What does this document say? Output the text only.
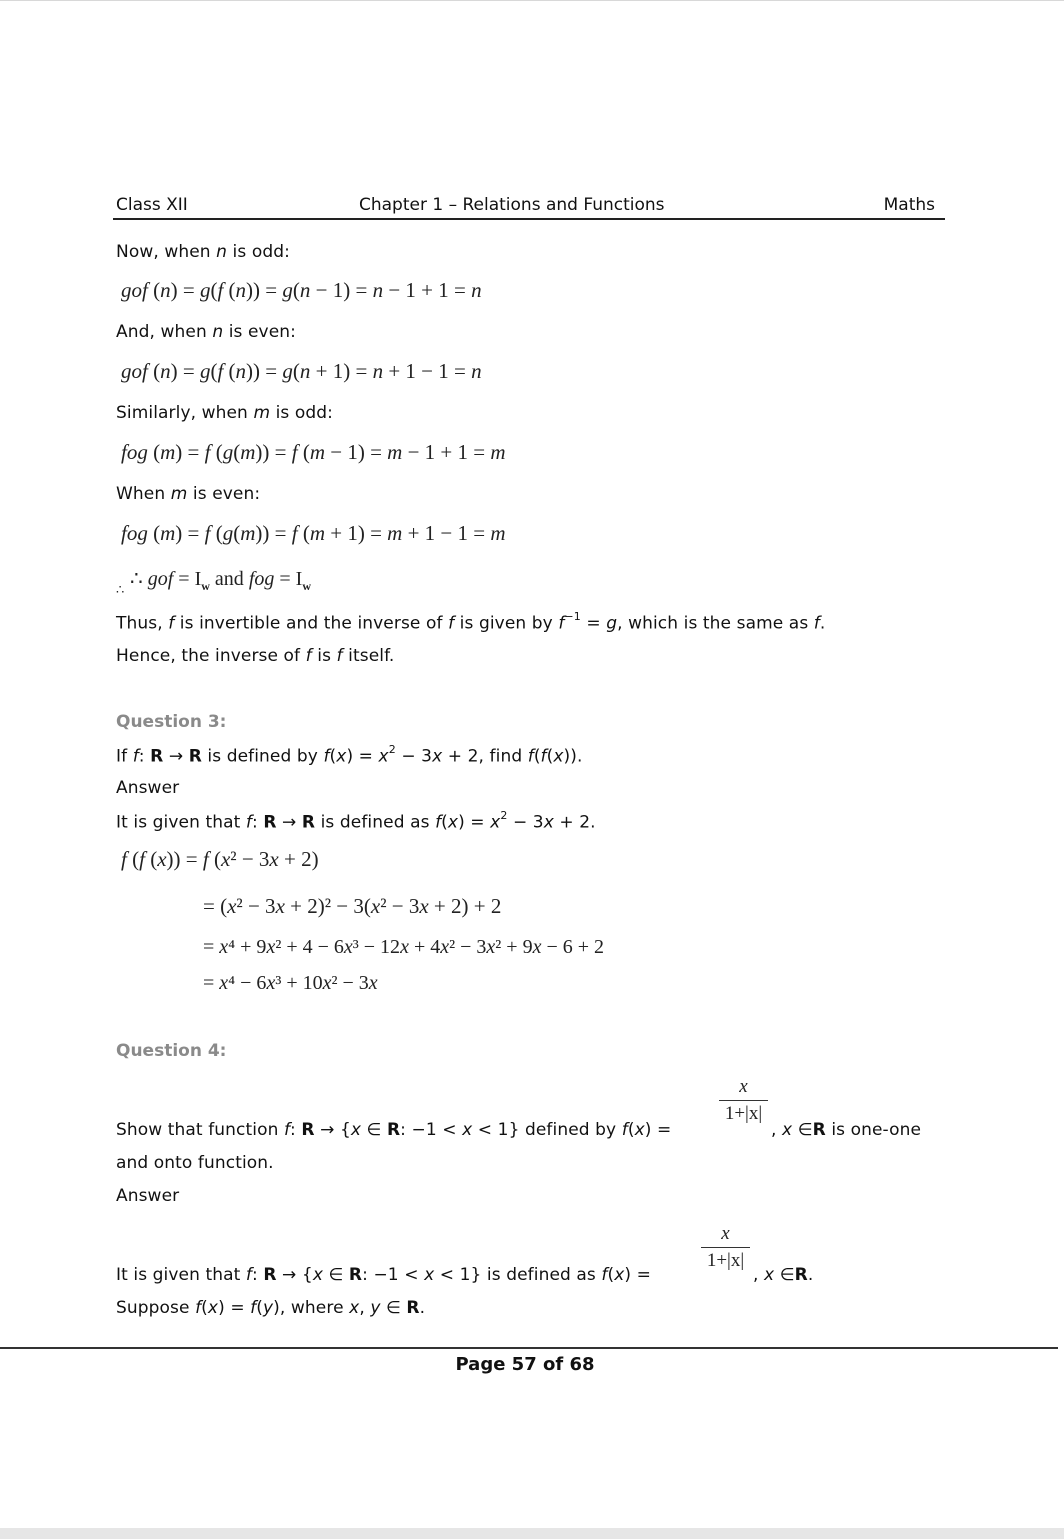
Class XII	Chapter 1 – Relations and Functions	Maths
Now, when n is odd:
gof (n) = g(f (n)) = g(n − 1) = n − 1 + 1 = n
And, when n is even:
gof (n) = g(f (n)) = g(n + 1) = n + 1 − 1 = n
Similarly, when m is odd:
fog (m) = f (g(m)) = f (m − 1) = m − 1 + 1 = m
When m is even:
fog (m) = f (g(m)) = f (m + 1) = m + 1 − 1 = m
∴ ∴ gof = $I_w$ and fog = $I_w$
Thus, f is invertible and the inverse of f is given by $f^{-1} = g$, which is the same as f.
Hence, the inverse of f is f itself.
Question 3:
If f: R → R is defined by $f(x) = x^2 - 3x + 2$, find f(f(x)).
Answer
It is given that f: R → R is defined as $f(x) = x^2 - 3x + 2$.
f (f (x)) = f (x² − 3x + 2)
= (x² − 3x + 2)² − 3(x² − 3x + 2) + 2
= x⁴ + 9x² + 4 − 6x³ − 12x + 4x² − 3x² + 9x − 6 + 2
= x⁴ − 6x³ + 10x² − 3x
Question 4:
x
1+|x|
Show that function f: R → {x ∈ R: −1 < x < 1} defined by f(x) =	, x ∈R is one-one
and onto function.
Answer
x
1+|x|
It is given that f: R → {x ∈ R: −1 < x < 1} is defined as f(x) =	, x ∈R.
Suppose f(x) = f(y), where x, y ∈ R.
Page 57 of 68
